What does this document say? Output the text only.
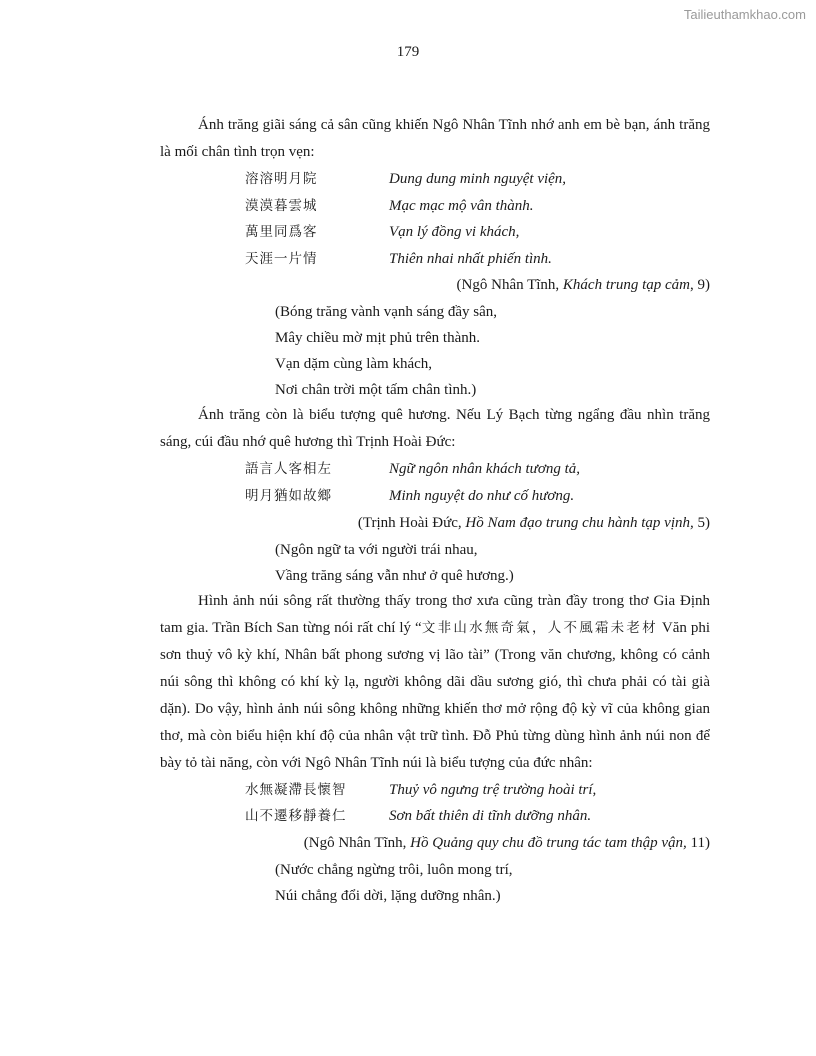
Tailieuthamkhao.com
179

Ánh trăng giãi sáng cả sân cũng khiến Ngô Nhân Tĩnh nhớ anh em bè bạn, ánh trăng là mối chân tình trọn vẹn:

溶溶明月院	Dung dung minh nguyệt viện,
漠漠暮雲城	Mạc mạc mộ vân thành.
萬里同爲客	Vạn lý đồng vi khách,
天涯一片情	Thiên nhai nhất phiến tình.
(Ngô Nhân Tĩnh, Khách trung tạp cảm, 9)
(Bóng trăng vành vạnh sáng đầy sân,
Mây chiều mờ mịt phủ trên thành.
Vạn dặm cùng làm khách,
Nơi chân trời một tấm chân tình.)

Ánh trăng còn là biểu tượng quê hương. Nếu Lý Bạch từng ngẩng đầu nhìn trăng sáng, cúi đầu nhớ quê hương thì Trịnh Hoài Đức:

語言人客相左	Ngữ ngôn nhân khách tương tả,
明月猶如故鄉	Minh nguyệt do như cố hương.
(Trịnh Hoài Đức, Hồ Nam đạo trung chu hành tạp vịnh, 5)
(Ngôn ngữ ta với người trái nhau,
Vầng trăng sáng vẫn như ở quê hương.)

Hình ảnh núi sông rất thường thấy trong thơ xưa cũng tràn đầy trong thơ Gia Định tam gia. Trần Bích San từng nói rất chí lý “文非山水無奇氣，人不風霜未老材 Văn phi sơn thuỷ vô kỳ khí, Nhân bất phong sương vị lão tài” (Trong văn chương, không có cảnh núi sông thì không có khí kỳ lạ, người không dãi dầu sương gió, thì chưa phải có tài già dặn). Do vậy, hình ảnh núi sông không những khiến thơ mở rộng độ kỳ vĩ của không gian thơ, mà còn biểu hiện khí độ của nhân vật trữ tình. Đỗ Phủ từng dùng hình ảnh núi non để bày tỏ tài năng, còn với Ngô Nhân Tĩnh núi là biểu tượng của đức nhân:

水無凝滯長懷智	Thuỷ vô ngưng trệ trường hoài trí,
山不遷移靜養仁	Sơn bất thiên di tĩnh dưỡng nhân.
(Ngô Nhân Tĩnh, Hồ Quảng quy chu đồ trung tác tam thập vận, 11)
(Nước chẳng ngừng trôi, luôn mong trí,
Núi chẳng đổi dời, lặng dưỡng nhân.)
